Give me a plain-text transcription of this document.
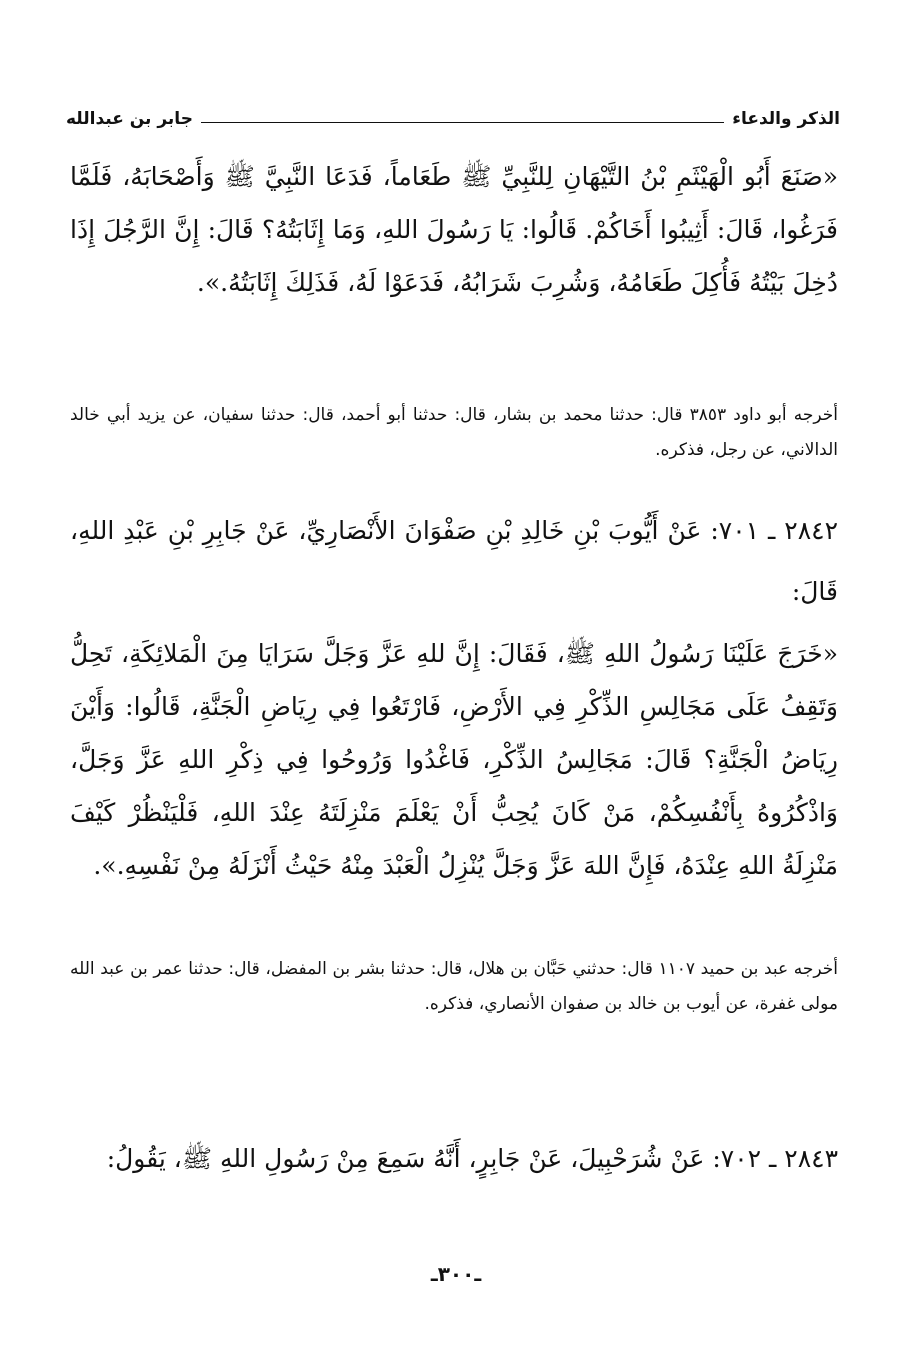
الذكر والدعاء
جابر بن عبدالله
«صَنَعَ أَبُو الْهَيْثَمِ بْنُ التَّيْهَانِ لِلنَّبِيِّ ﷺ طَعَاماً، فَدَعَا النَّبِيَّ ﷺ وَأَصْحَابَهُ، فَلَمَّا فَرَغُوا، قَالَ: أَثِيبُوا أَخَاكُمْ. قَالُوا: يَا رَسُولَ اللهِ، وَمَا إِثَابَتُهُ؟ قَالَ: إِنَّ الرَّجُلَ إِذَا دُخِلَ بَيْتُهُ فَأُكِلَ طَعَامُهُ، وَشُرِبَ شَرَابُهُ، فَدَعَوْا لَهُ، فَذَلِكَ إِثَابَتُهُ.».
أخرجه أبو داود ٣٨٥٣ قال: حدثنا محمد بن بشار، قال: حدثنا أبو أحمد، قال: حدثنا سفيان، عن يزيد أبي خالد الدالاني، عن رجل، فذكره.
٢٨٤٢ ـ ٧٠١: عَنْ أَيُّوبَ بْنِ خَالِدِ بْنِ صَفْوَانَ الأَنْصَارِيِّ، عَنْ جَابِرِ بْنِ عَبْدِ اللهِ، قَالَ:
«خَرَجَ عَلَيْنَا رَسُولُ اللهِ ﷺ، فَقَالَ: إِنَّ للهِ عَزَّ وَجَلَّ سَرَايَا مِنَ الْمَلائِكَةِ، تَحِلُّ وَتَقِفُ عَلَى مَجَالِسِ الذِّكْرِ فِي الأَرْضِ، فَارْتَعُوا فِي رِيَاضِ الْجَنَّةِ، قَالُوا: وَأَيْنَ رِيَاضُ الْجَنَّةِ؟ قَالَ: مَجَالِسُ الذِّكْرِ، فَاغْدُوا وَرُوحُوا فِي ذِكْرِ اللهِ عَزَّ وَجَلَّ، وَاذْكُرُوهُ بِأَنْفُسِكُمْ، مَنْ كَانَ يُحِبُّ أَنْ يَعْلَمَ مَنْزِلَتَهُ عِنْدَ اللهِ، فَلْيَنْظُرْ كَيْفَ مَنْزِلَةُ اللهِ عِنْدَهُ، فَإِنَّ اللهَ عَزَّ وَجَلَّ يُنْزِلُ الْعَبْدَ مِنْهُ حَيْثُ أَنْزَلَهُ مِنْ نَفْسِهِ.».
أخرجه عبد بن حميد ١١٠٧ قال: حدثني حَبَّان بن هلال، قال: حدثنا بشر بن المفضل، قال: حدثنا عمر بن عبد الله مولى غفرة، عن أيوب بن خالد بن صفوان الأنصاري، فذكره.
٢٨٤٣ ـ ٧٠٢: عَنْ شُرَحْبِيلَ، عَنْ جَابِرٍ، أَنَّهُ سَمِعَ مِنْ رَسُولِ اللهِ ﷺ، يَقُولُ:
ـ٣٠٠ـ
